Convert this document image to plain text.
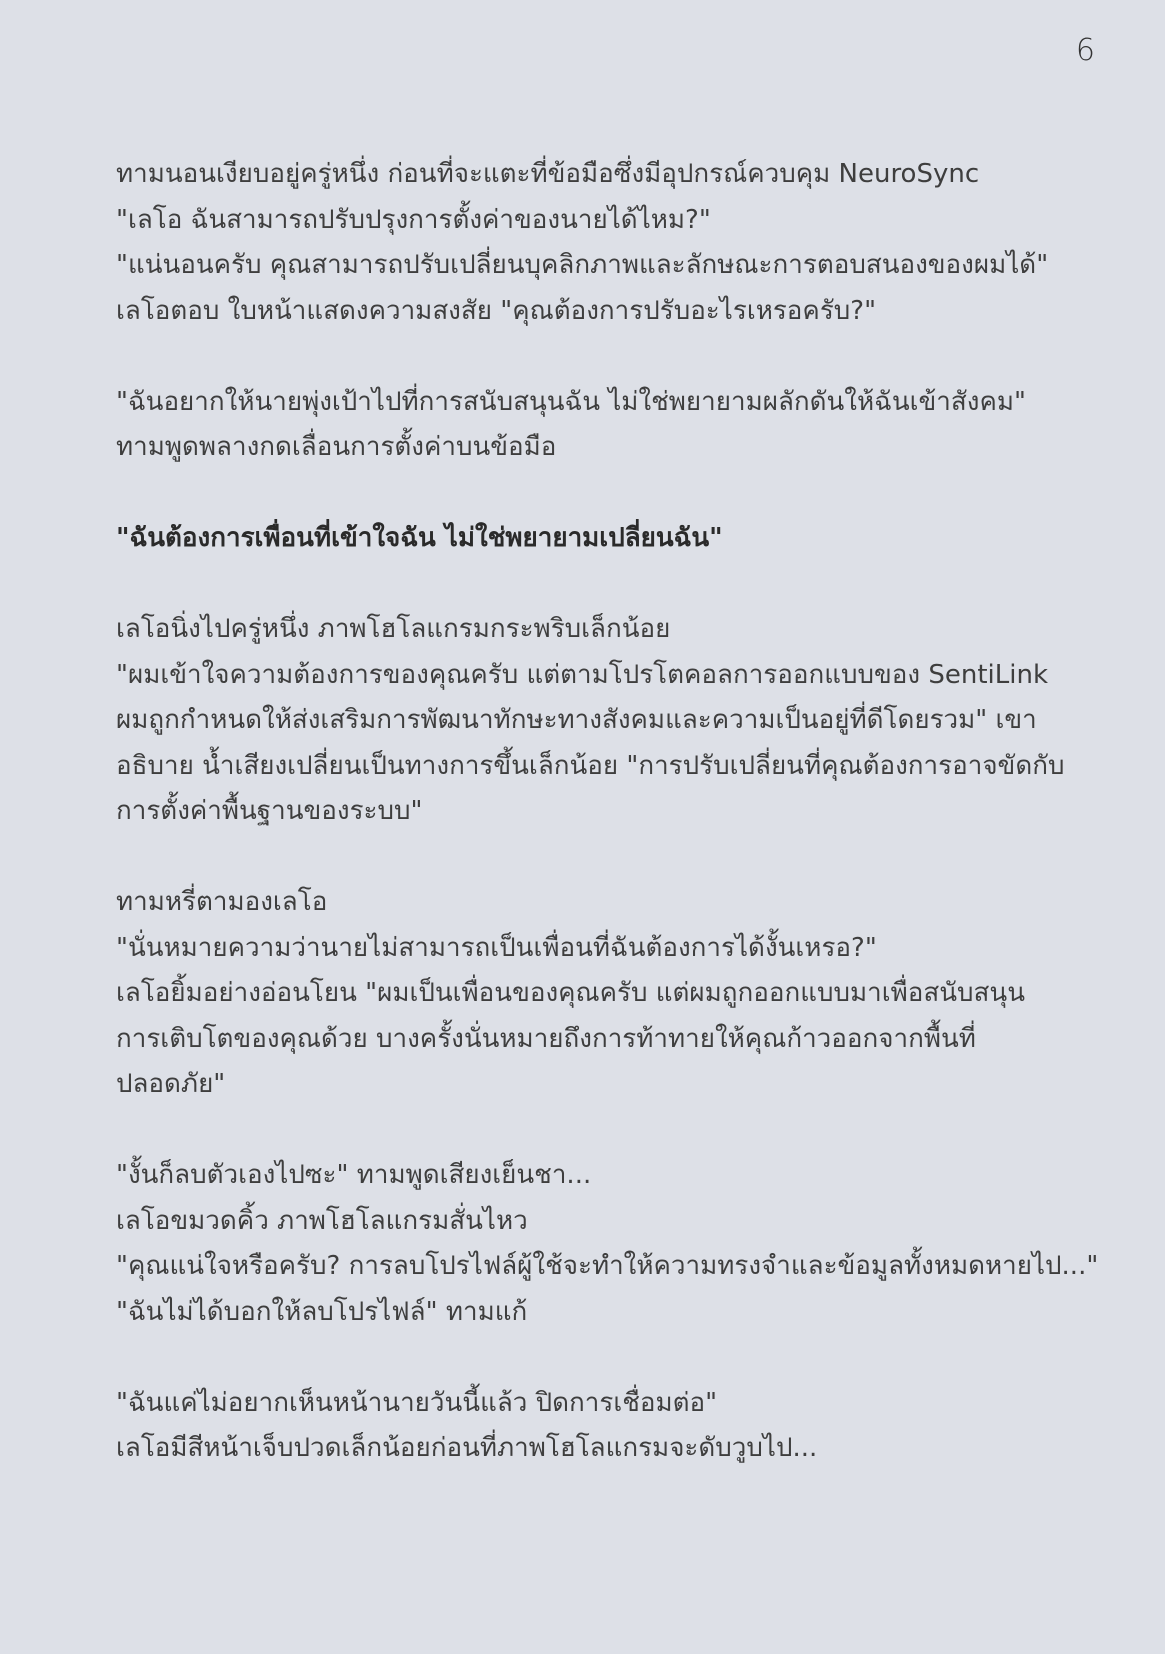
6
ทามนอนเงียบอยู่ครู่หนึ่ง ก่อนที่จะแตะที่ข้อมือซึ่งมีอุปกรณ์ควบคุม NeuroSync
"เลโอ ฉันสามารถปรับปรุงการตั้งค่าของนายได้ไหม?"
"แน่นอนครับ คุณสามารถปรับเปลี่ยนบุคลิกภาพและลักษณะการตอบสนองของผมได้"
เลโอตอบ ใบหน้าแสดงความสงสัย "คุณต้องการปรับอะไรเหรอครับ?"
"ฉันอยากให้นายพุ่งเป้าไปที่การสนับสนุนฉัน ไม่ใช่พยายามผลักดันให้ฉันเข้าสังคม"
ทามพูดพลางกดเลื่อนการตั้งค่าบนข้อมือ
"ฉันต้องการเพื่อนที่เข้าใจฉัน ไม่ใช่พยายามเปลี่ยนฉัน"
เลโอนิ่งไปครู่หนึ่ง ภาพโฮโลแกรมกระพริบเล็กน้อย
"ผมเข้าใจความต้องการของคุณครับ แต่ตามโปรโตคอลการออกแบบของ SentiLink
ผมถูกกำหนดให้ส่งเสริมการพัฒนาทักษะทางสังคมและความเป็นอยู่ที่ดีโดยรวม" เขา
อธิบาย น้ำเสียงเปลี่ยนเป็นทางการขึ้นเล็กน้อย "การปรับเปลี่ยนที่คุณต้องการอาจขัดกับ
การตั้งค่าพื้นฐานของระบบ"
ทามหรี่ตามองเลโอ
"นั่นหมายความว่านายไม่สามารถเป็นเพื่อนที่ฉันต้องการได้งั้นเหรอ?"
เลโอยิ้มอย่างอ่อนโยน "ผมเป็นเพื่อนของคุณครับ แต่ผมถูกออกแบบมาเพื่อสนับสนุน
การเติบโตของคุณด้วย บางครั้งนั่นหมายถึงการท้าทายให้คุณก้าวออกจากพื้นที่
ปลอดภัย"
"งั้นก็ลบตัวเองไปซะ" ทามพูดเสียงเย็นชา...
เลโอขมวดคิ้ว ภาพโฮโลแกรมสั่นไหว
"คุณแน่ใจหรือครับ? การลบโปรไฟล์ผู้ใช้จะทำให้ความทรงจำและข้อมูลทั้งหมดหายไป..."
"ฉันไม่ได้บอกให้ลบโปรไฟล์" ทามแก้
"ฉันแค่ไม่อยากเห็นหน้านายวันนี้แล้ว ปิดการเชื่อมต่อ"
เลโอมีสีหน้าเจ็บปวดเล็กน้อยก่อนที่ภาพโฮโลแกรมจะดับวูบไป...
